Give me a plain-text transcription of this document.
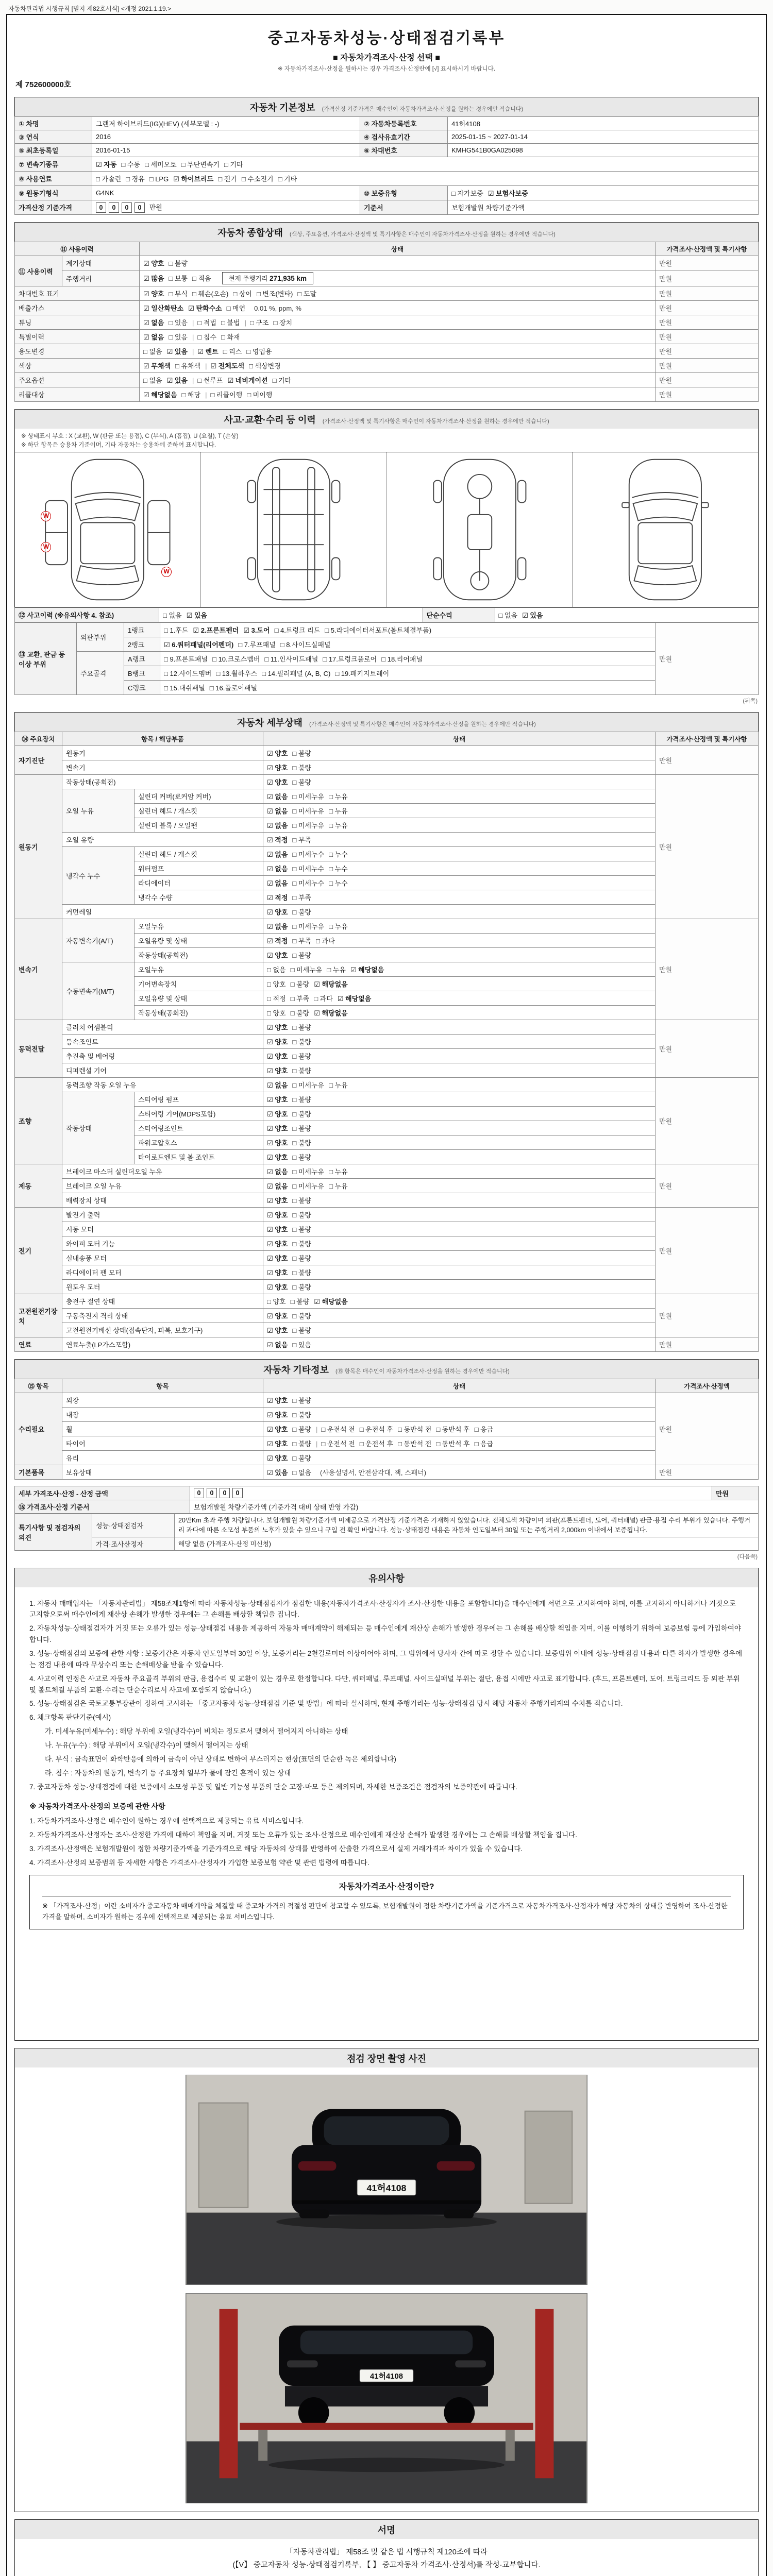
자동차관리법 시행규칙 [별지 제82호서식] <개정 2021.1.19.>
중고자동차성능·상태점검기록부
■ 자동차가격조사·산정 선택 ■
※ 자동차가격조사·산정을 원하시는 경우 가격조사·산정란에 [√] 표시하시기 바랍니다.
제 752600000호
자동차 기본정보 (가격산정 기준가격은 매수인이 자동차가격조사·산정을 원하는 경우에만 적습니다)
① 차명	그랜저 하이브리드(IG)(HEV) (세부모델 : -)	② 자동차등록번호	41허4108
③ 연식	2016	④ 검사유효기간	2025-01-15 ~ 2027-01-14
⑤ 최초등록일	2016-01-15	⑥ 차대번호	KMHG541B0GA025098
⑦ 변속기종류	☑ 자동 □ 수동 □ 세미오토 □ 무단변속기 □ 기타		
⑧ 사용연료	□ 가솔린 □ 경유 □ LPG ☑ 하이브리드 □ 전기 □ 수소전기 □ 기타		
⑨ 원동기형식	G4NK	⑩ 보증유형	□ 자가보증 ☑ 보험사보증
가격산정 기준가격	0 0 0 0 만원	기준서	보험개발원 차량기준가액
자동차 종합상태 (색상, 주요옵션, 가격조사·산정액 및 특기사항은 매수인이 자동차가격조사·산정을 원하는 경우에만 적습니다)
⑪ 사용이력		상태	가격조사·산정액 및 특기사항
⑪ 사용이력	계기상태	☑ 양호 □ 불량	만원
	주행거리	☑ 많음 □ 보통 □ 적음 현재 주행거리 271,935 km	만원
차대번호 표기		☑ 양호 □ 부식 □ 훼손(오손) □ 상이 □ 변조(변타) □ 도말	만원
배출가스		☑ 일산화탄소 ☑ 탄화수소 □ 매연 0.01 %, ppm, %	만원
튜닝		☑ 없음 □ 있음 | □ 적법 □ 불법 | □ 구조 □ 장치	만원
특별이력		☑ 없음 □ 있음 | □ 침수 □ 화재	만원
용도변경		□ 없음 ☑ 있음 | ☑ 렌트 □ 리스 □ 영업용	만원
색상		☑ 무채색 □ 유채색 | ☑ 전체도색 □ 색상변경	만원
주요옵션		□ 없음 ☑ 있음 | □ 썬루프 ☑ 네비게이션 □ 기타	만원
리콜대상		☑ 해당없음 □ 해당 | □ 리콜이행 □ 미이행	만원
사고·교환·수리 등 이력 (가격조사·산정액 및 특기사항은 매수인이 자동차가격조사·산정을 원하는 경우에만 적습니다)
※ 상태표시 부호 : X (교환), W (판금 또는 용접), C (부식), A (흠집), U (요철), T (손상)
※ 하단 항목은 승용차 기준이며, 기타 자동차는 승용차에 준하여 표시합니다.
W
W
W
⑫ 사고이력 (※유의사항 4. 참조)	□ 없음 ☑ 있음	단순수리	□ 없음 ☑ 있음
⑬ 교환, 판금 등 이상 부위	외판부위	1랭크	□ 1.후드 ☑ 2.프론트펜더 ☑ 3.도어 □ 4.트렁크 리드 □ 5.라디에이터서포트(볼트체결부품)	만원
		2랭크	☑ 6.쿼터패널(리어펜더) □ 7.루프패널 □ 8.사이드실패널	
	주요골격	A랭크	□ 9.프론트패널 □ 10.크로스멤버 □ 11.인사이드패널 □ 17.트렁크플로어 □ 18.리어패널	
		B랭크	□ 12.사이드멤버 □ 13.휠하우스 □ 14.필러패널 (A, B, C) □ 19.패키지트레이	
		C랭크	□ 15.대쉬패널 □ 16.플로어패널	
(뒤쪽)
자동차 세부상태 (가격조사·산정액 및 특기사항은 매수인이 자동차가격조사·산정을 원하는 경우에만 적습니다)
⑭ 주요장치	항목 / 해당부품		상태	가격조사·산정액 및 특기사항
자기진단	원동기		☑ 양호 □ 불량	만원
	변속기		☑ 양호 □ 불량	
원동기	작동상태(공회전)		☑ 양호 □ 불량	만원
	오일 누유	실린더 커버(로커암 커버)	☑ 없음 □ 미세누유 □ 누유	
		실린더 헤드 / 개스킷	☑ 없음 □ 미세누유 □ 누유	
		실린더 블록 / 오일팬	☑ 없음 □ 미세누유 □ 누유	
	오일 유량		☑ 적정 □ 부족	
	냉각수 누수	실린더 헤드 / 개스킷	☑ 없음 □ 미세누수 □ 누수	
		워터펌프	☑ 없음 □ 미세누수 □ 누수	
		라디에이터	☑ 없음 □ 미세누수 □ 누수	
		냉각수 수량	☑ 적정 □ 부족	
	커먼레일		☑ 양호 □ 불량	
변속기	자동변속기(A/T)	오일누유	☑ 없음 □ 미세누유 □ 누유	만원
		오일유량 및 상태	☑ 적정 □ 부족 □ 과다	
		작동상태(공회전)	☑ 양호 □ 불량	
	수동변속기(M/T)	오일누유	□ 없음 □ 미세누유 □ 누유 ☑ 해당없음	
		기어변속장치	□ 양호 □ 불량 ☑ 해당없음	
		오일유량 및 상태	□ 적정 □ 부족 □ 과다 ☑ 해당없음	
		작동상태(공회전)	□ 양호 □ 불량 ☑ 해당없음	
동력전달	클러치 어셈블리		☑ 양호 □ 불량	만원
	등속조인트		☑ 양호 □ 불량	
	추진축 및 베어링		☑ 양호 □ 불량	
	디퍼렌셜 기어		☑ 양호 □ 불량	
조향	동력조향 작동 오일 누유		☑ 없음 □ 미세누유 □ 누유	만원
	작동상태	스티어링 펌프	☑ 양호 □ 불량	
		스티어링 기어(MDPS포함)	☑ 양호 □ 불량	
		스티어링조인트	☑ 양호 □ 불량	
		파워고압호스	☑ 양호 □ 불량	
		타이로드엔드 및 볼 조인트	☑ 양호 □ 불량	
제동	브레이크 마스터 실린더오일 누유		☑ 없음 □ 미세누유 □ 누유	만원
	브레이크 오일 누유		☑ 없음 □ 미세누유 □ 누유	
	배력장치 상태		☑ 양호 □ 불량	
전기	발전기 출력		☑ 양호 □ 불량	만원
	시동 모터		☑ 양호 □ 불량	
	와이퍼 모터 기능		☑ 양호 □ 불량	
	실내송풍 모터		☑ 양호 □ 불량	
	라디에이터 팬 모터		☑ 양호 □ 불량	
	윈도우 모터		☑ 양호 □ 불량	
고전원전기장치	충전구 절연 상태		□ 양호 □ 불량 ☑ 해당없음	만원
	구동축전지 격리 상태		☑ 양호 □ 불량	
	고전원전기배선 상태(접속단자, 피복, 보호기구)		☑ 양호 □ 불량	
연료	연료누출(LP가스포함)		☑ 없음 □ 있음	만원
자동차 기타정보 (⑮ 항목은 매수인이 자동차가격조사·산정을 원하는 경우에만 적습니다)
⑮ 항목	항목	상태	가격조사·산정액
수리필요	외장	☑ 양호 □ 불량	만원
	내장	☑ 양호 □ 불량	
	휠	☑ 양호 □ 불량 | □ 운전석 전 □ 운전석 후 □ 동반석 전 □ 동반석 후 □ 응급	
	타이어	☑ 양호 □ 불량 | □ 운전석 전 □ 운전석 후 □ 동반석 전 □ 동반석 후 □ 응급	
	유리	☑ 양호 □ 불량	
기본품목	보유상태	☑ 있음 □ 없음 (사용설명서, 안전삼각대, 잭, 스패너)	만원
세부 가격조사·산정 - 산정 금액	0 0 0 0	만원
⑯ 가격조사·산정 기준서	보험개발원 차량기준가액 (기준가격 대비 상태 반영 가감)	
특기사항 및 점검자의 의견	성능·상태점검자	20만Km 초과 주행 차량입니다. 보험개발원 차량기준가액 미제공으로 가격산정 기준가격은 기재하지 않았습니다. 전체도색 차량이며 외판(프론트펜더, 도어, 쿼터패널) 판금·용접 수리 부위가 있습니다. 주행거리 과다에 따른 소모성 부품의 노후가 있을 수 있으니 구입 전 확인 바랍니다. 성능·상태점검 내용은 자동차 인도일부터 30일 또는 주행거리 2,000km 이내에서 보증됩니다.
	가격·조사산정자	해당 없음 (가격조사·산정 미신청)
(다음쪽)
유의사항
1. 자동차 매매업자는 「자동차관리법」 제58조제1항에 따라 자동차성능·상태점검자가 점검한 내용(자동차가격조사·산정자가 조사·산정한 내용을 포함합니다)을 매수인에게 서면으로 고지하여야 하며, 이를 고지하지 아니하거나 거짓으로 고지함으로써 매수인에게 재산상 손해가 발생한 경우에는 그 손해를 배상할 책임을 집니다.
2. 자동차성능·상태점검자가 거짓 또는 오류가 있는 성능·상태점검 내용을 제공하여 자동차 매매계약이 해제되는 등 매수인에게 재산상 손해가 발생한 경우에는 그 손해를 배상할 책임을 지며, 이를 이행하기 위하여 보증보험 등에 가입하여야 합니다.
3. 성능·상태점검의 보증에 관한 사항 : 보증기간은 자동차 인도일부터 30일 이상, 보증거리는 2천킬로미터 이상이어야 하며, 그 범위에서 당사자 간에 따로 정할 수 있습니다. 보증범위 이내에 성능·상태점검 내용과 다른 하자가 발생한 경우에는 점검 내용에 따라 무상수리 또는 손해배상을 받을 수 있습니다.
4. 사고이력 인정은 사고로 자동차 주요골격 부위의 판금, 용접수리 및 교환이 있는 경우로 한정합니다. 다만, 쿼터패널, 루프패널, 사이드실패널 부위는 절단, 용접 시에만 사고로 표기합니다. (후드, 프론트펜더, 도어, 트렁크리드 등 외판 부위 및 볼트체결 부품의 교환·수리는 단순수리로서 사고에 포함되지 않습니다.)
5. 성능·상태점검은 국토교통부장관이 정하여 고시하는 「중고자동차 성능·상태점검 기준 및 방법」에 따라 실시하며, 현재 주행거리는 성능·상태점검 당시 해당 자동차 주행거리계의 수치를 적습니다.
6. 체크항목 판단기준(예시)
가. 미세누유(미세누수) : 해당 부위에 오일(냉각수)이 비치는 정도로서 맺혀서 떨어지지 아니하는 상태
나. 누유(누수) : 해당 부위에서 오일(냉각수)이 맺혀서 떨어지는 상태
다. 부식 : 금속표면이 화학반응에 의하여 금속이 아닌 상태로 변하여 부스러지는 현상(표면의 단순한 녹은 제외합니다)
라. 침수 : 자동차의 원동기, 변속기 등 주요장치 일부가 물에 잠긴 흔적이 있는 상태
7. 중고자동차 성능·상태점검에 대한 보증에서 소모성 부품 및 일반 기능성 부품의 단순 고장·마모 등은 제외되며, 자세한 보증조건은 점검자의 보증약관에 따릅니다.
※ 자동차가격조사·산정의 보증에 관한 사항
1. 자동차가격조사·산정은 매수인이 원하는 경우에 선택적으로 제공되는 유료 서비스입니다.
2. 자동차가격조사·산정자는 조사·산정한 가격에 대하여 책임을 지며, 거짓 또는 오류가 있는 조사·산정으로 매수인에게 재산상 손해가 발생한 경우에는 그 손해를 배상할 책임을 집니다.
3. 가격조사·산정액은 보험개발원이 정한 차량기준가액을 기준가격으로 해당 자동차의 상태를 반영하여 산출한 가격으로서 실제 거래가격과 차이가 있을 수 있습니다.
4. 가격조사·산정의 보증범위 등 자세한 사항은 가격조사·산정자가 가입한 보증보험 약관 및 관련 법령에 따릅니다.
자동차가격조사·산정이란?
※ 「가격조사·산정」이란 소비자가 중고자동차 매매계약을 체결할 때 중고차 가격의 적절성 판단에 참고할 수 있도록, 보험개발원이 정한 차량기준가액을 기준가격으로 자동차가격조사·산정자가 해당 자동차의 상태를 반영하여 조사·산정한 가격을 말하며, 소비자가 원하는 경우에 선택적으로 제공되는 유료 서비스입니다.
점검 장면 촬영 사진
41허4108
41허4108
서명
「자동차관리법」 제58조 및 같은 법 시행규칙 제120조에 따라
(【V】 중고자동차 성능·상태점검기록부, 【 】 중고자동차 가격조사·산정서)를 작성·교부합니다.
